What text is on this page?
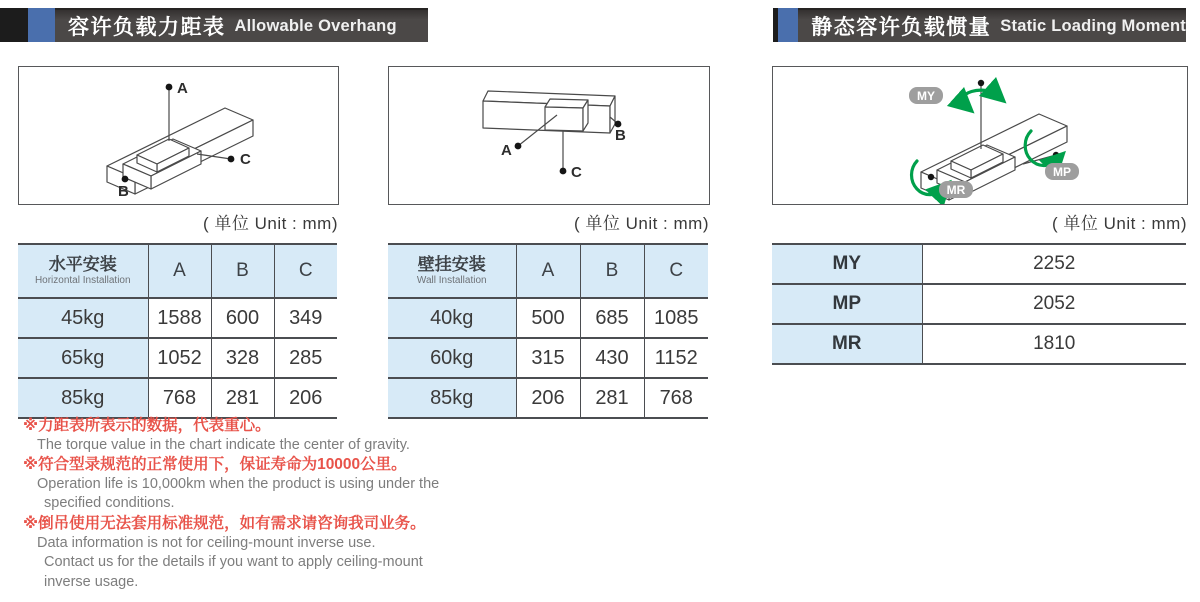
容许负载力距表 Allowable Overhang	静态容许负载惯量 Static Loading Moment
A
C
B
( 单位 Unit : mm)
A
B
C
( 单位 Unit : mm)
MY
MP
MR
( 单位 Unit : mm)
水平安装
Horizontal Installation	A	B	C
45kg	1588	600	349
65kg	1052	328	285
85kg	768	281	206
壁挂安装
Wall Installation	A	B	C
40kg	500	685	1085
60kg	315	430	1152
85kg	206	281	768
MY	2252
MP	2052
MR	1810
※力距表所表示的数据，代表重心。
The torque value in the chart indicate the center of gravity.
※符合型录规范的正常使用下，保证寿命为10000公里。
Operation life is 10,000km when the product is using under the
specified conditions.
※倒吊使用无法套用标准规范，如有需求请咨询我司业务。
Data information is not for ceiling-mount inverse use.
Contact us for the details if you want to apply ceiling-mount
inverse usage.
